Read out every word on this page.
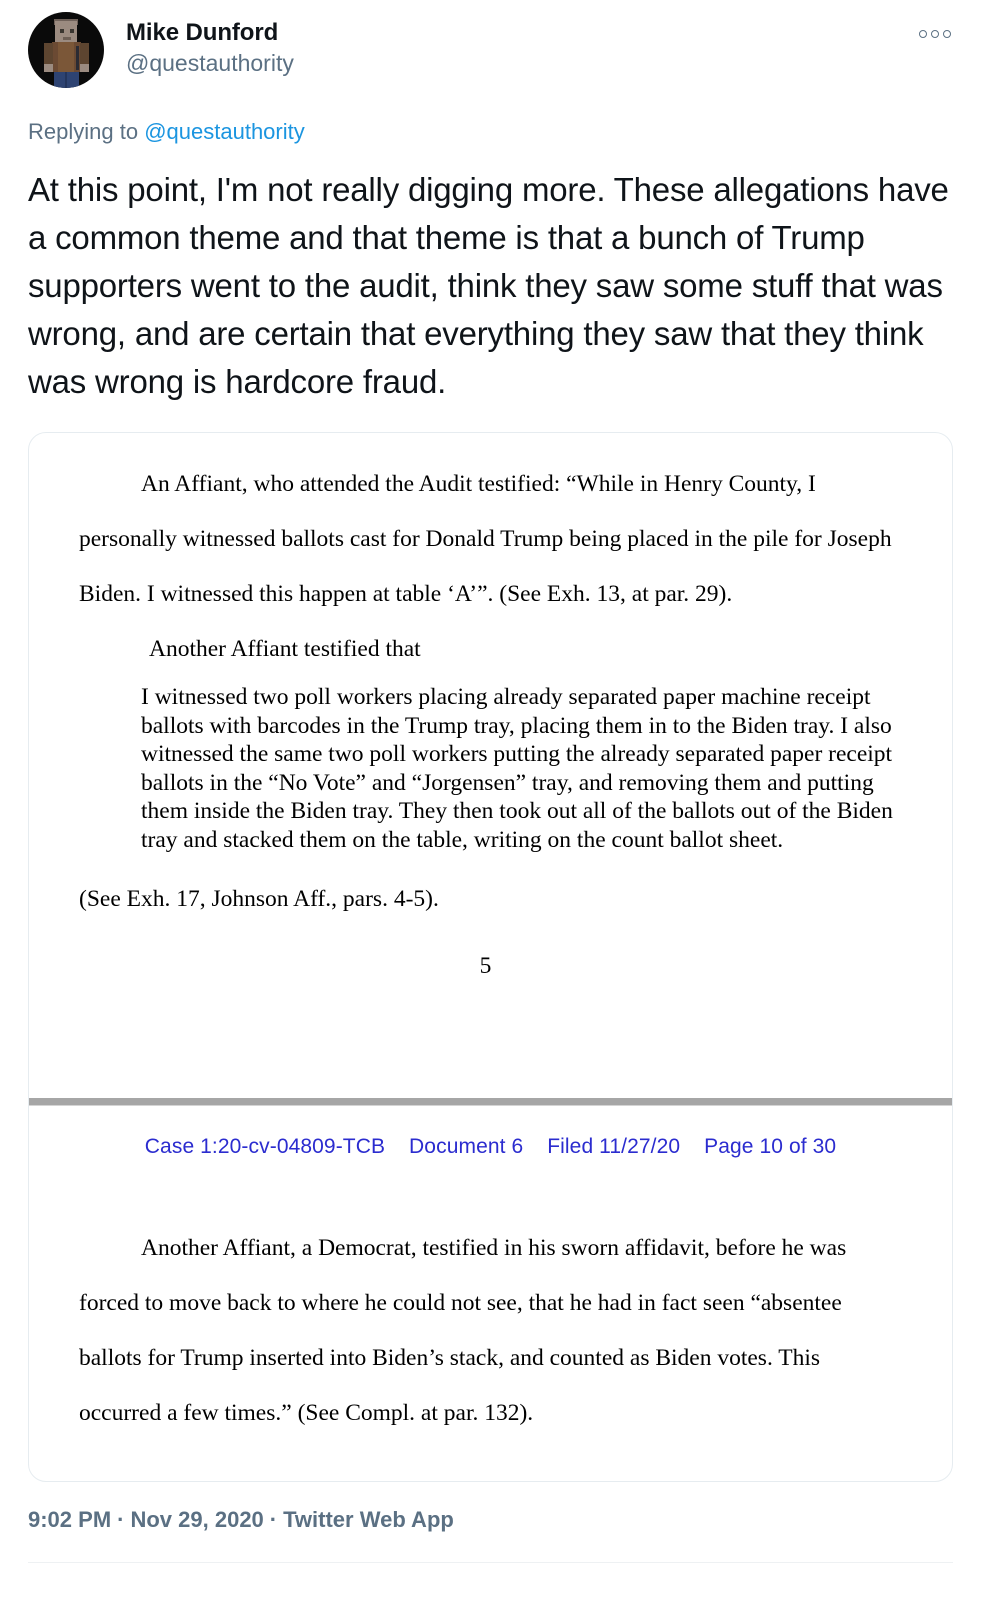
Mike Dunford
@questauthority
Replying to @questauthority
At this point, I'm not really digging more. These allegations have a common theme and that theme is that a bunch of Trump supporters went to the audit, think they saw some stuff that was wrong, and are certain that everything they saw that they think was wrong is hardcore fraud.

An Affiant, who attended the Audit testified: “While in Henry County, I personally witnessed ballots cast for Donald Trump being placed in the pile for Joseph Biden. I witnessed this happen at table ‘A’”. (See Exh. 13, at par. 29).

Another Affiant testified that

I witnessed two poll workers placing already separated paper machine receipt ballots with barcodes in the Trump tray, placing them in to the Biden tray. I also witnessed the same two poll workers putting the already separated paper receipt ballots in the “No Vote” and “Jorgensen” tray, and removing them and putting them inside the Biden tray. They then took out all of the ballots out of the Biden tray and stacked them on the table, writing on the count ballot sheet.

(See Exh. 17, Johnson Aff., pars. 4-5).

5
Case 1:20-cv-04809-TCB Document 6 Filed 11/27/20 Page 10 of 30

Another Affiant, a Democrat, testified in his sworn affidavit, before he was forced to move back to where he could not see, that he had in fact seen “absentee ballots for Trump inserted into Biden’s stack, and counted as Biden votes. This occurred a few times.” (See Compl. at par. 132).

9:02 PM · Nov 29, 2020 · Twitter Web App
